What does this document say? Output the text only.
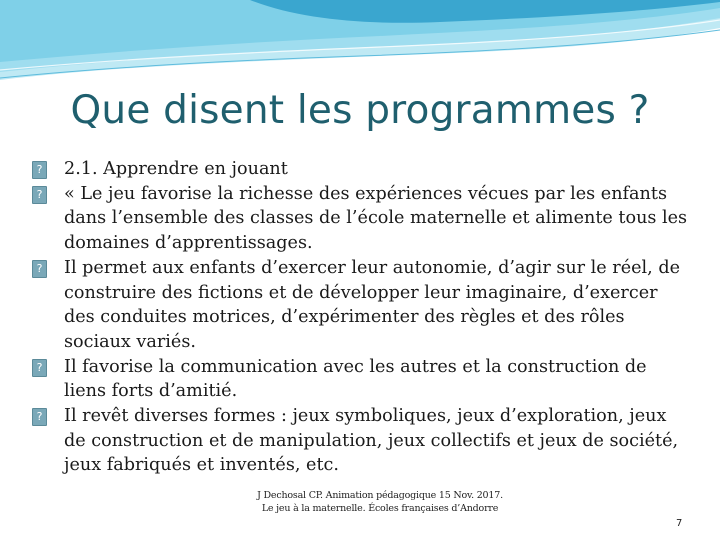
Que disent les programmes ?
? 2.1. Apprendre en jouant
? « Le jeu favorise la richesse des expériences vécues par les enfants dans l’ensemble des classes de l’école maternelle et alimente tous les domaines d’apprentissages.
? Il permet aux enfants d’exercer leur autonomie, d’agir sur le réel, de construire des fictions et de développer leur imaginaire, d’exercer des conduites motrices, d’expérimenter des règles et des rôles sociaux variés.
? Il favorise la communication avec les autres et la construction de liens forts d’amitié.
? Il revêt diverses formes : jeux symboliques, jeux d’exploration, jeux de construction et de manipulation, jeux collectifs et jeux de société, jeux fabriqués et inventés, etc.
J Dechosal CP. Animation pédagogique 15 Nov. 2017.
Le jeu à la maternelle. Écoles françaises d’Andorre
7
